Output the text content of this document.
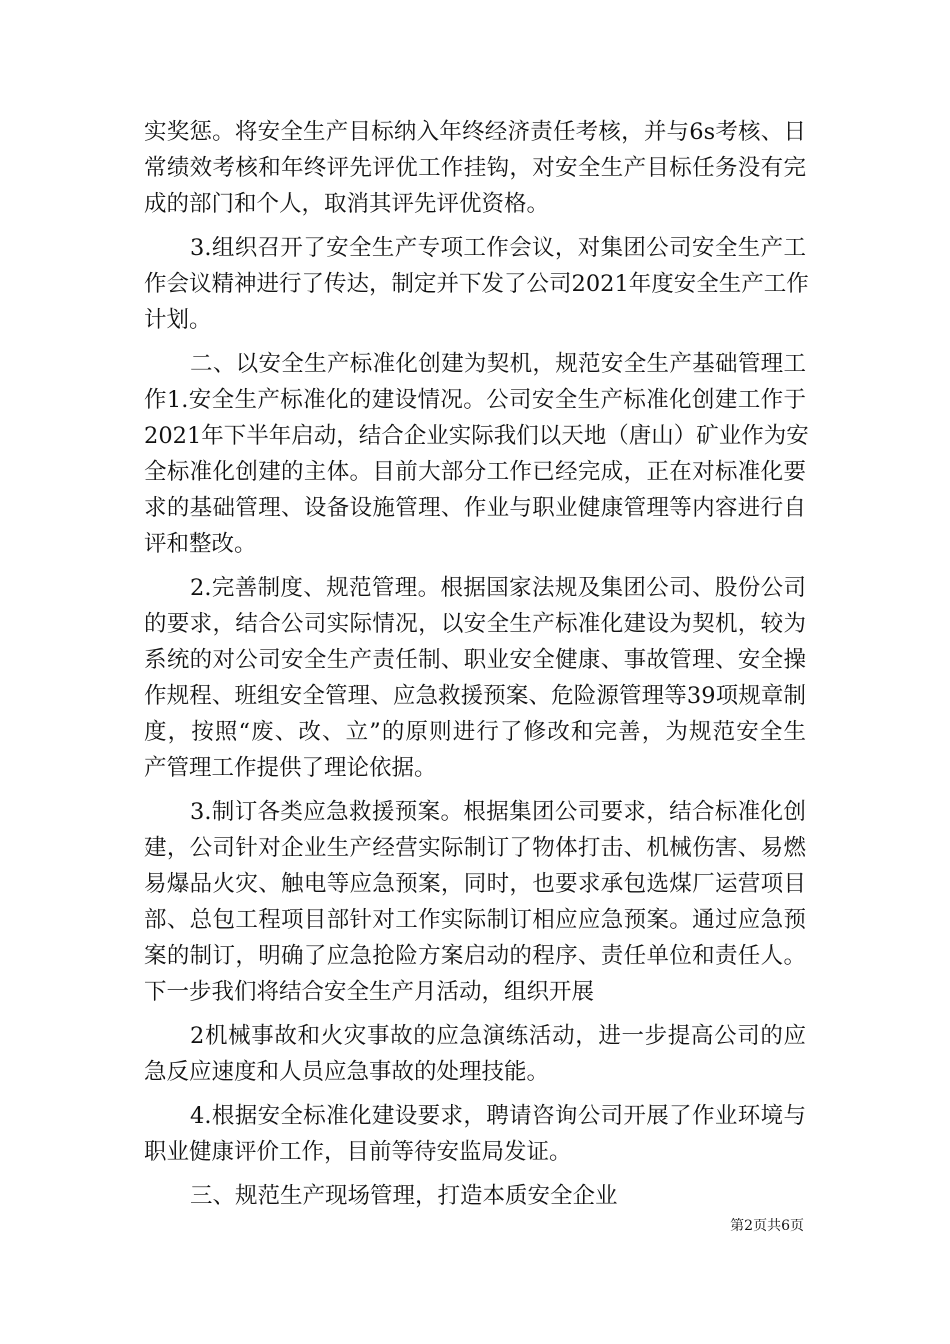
实奖惩。将安全生产目标纳入年终经济责任考核，并与6s考核、日
常绩效考核和年终评先评优工作挂钩，对安全生产目标任务没有完
成的部门和个人，取消其评先评优资格。
3.组织召开了安全生产专项工作会议，对集团公司安全生产工
作会议精神进行了传达，制定并下发了公司2021年度安全生产工作
计划。
二、以安全生产标准化创建为契机，规范安全生产基础管理工
作1.安全生产标准化的建设情况。公司安全生产标准化创建工作于
2021年下半年启动，结合企业实际我们以天地（唐山）矿业作为安
全标准化创建的主体。目前大部分工作已经完成，正在对标准化要
求的基础管理、设备设施管理、作业与职业健康管理等内容进行自
评和整改。
2.完善制度、规范管理。根据国家法规及集团公司、股份公司
的要求，结合公司实际情况，以安全生产标准化建设为契机，较为
系统的对公司安全生产责任制、职业安全健康、事故管理、安全操
作规程、班组安全管理、应急救援预案、危险源管理等39项规章制
度，按照“废、改、立”的原则进行了修改和完善，为规范安全生
产管理工作提供了理论依据。
3.制订各类应急救援预案。根据集团公司要求，结合标准化创
建，公司针对企业生产经营实际制订了物体打击、机械伤害、易燃
易爆品火灾、触电等应急预案，同时，也要求承包选煤厂运营项目
部、总包工程项目部针对工作实际制订相应应急预案。通过应急预
案的制订，明确了应急抢险方案启动的程序、责任单位和责任人。
下一步我们将结合安全生产月活动，组织开展
2机械事故和火灾事故的应急演练活动，进一步提高公司的应
急反应速度和人员应急事故的处理技能。
4.根据安全标准化建设要求，聘请咨询公司开展了作业环境与
职业健康评价工作，目前等待安监局发证。
三、规范生产现场管理，打造本质安全企业
第2页共6页
